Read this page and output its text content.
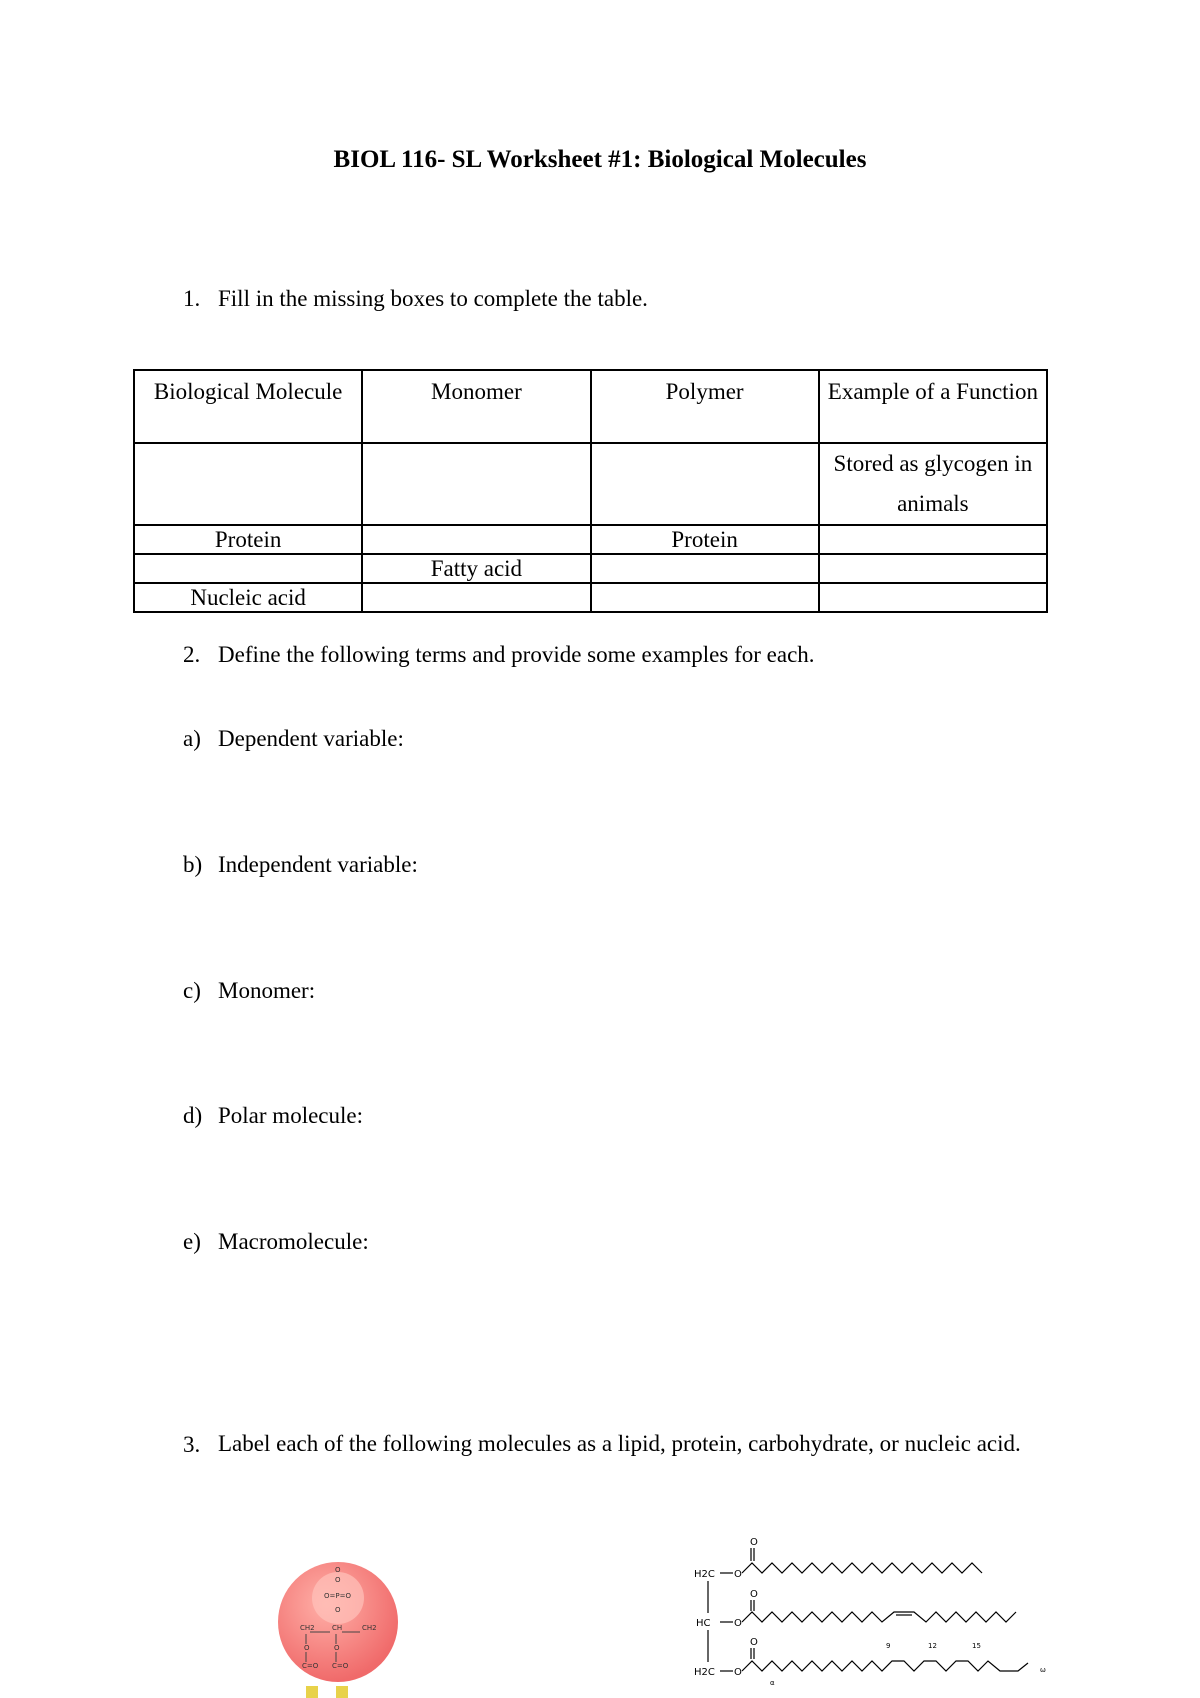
BIOL 116- SL Worksheet #1: Biological Molecules
1. Fill in the missing boxes to complete the table.
Biological Molecule	Monomer	Polymer	Example of a Function
			Stored as glycogen in animals
Protein		Protein	
	Fatty acid		
Nucleic acid			
2. Define the following terms and provide some examples for each.
a) Dependent variable:
b) Independent variable:
c) Monomer:
d) Polar molecule:
e) Macromolecule:
3. Label each of the following molecules as a lipid, protein, carbohydrate, or nucleic acid.
O
O
O=P=O
O
CH2 CH	CH2
O	O
C=O C=O
O
H2C O
O
HC O
O
H2C O
9	12	15
ω
α
